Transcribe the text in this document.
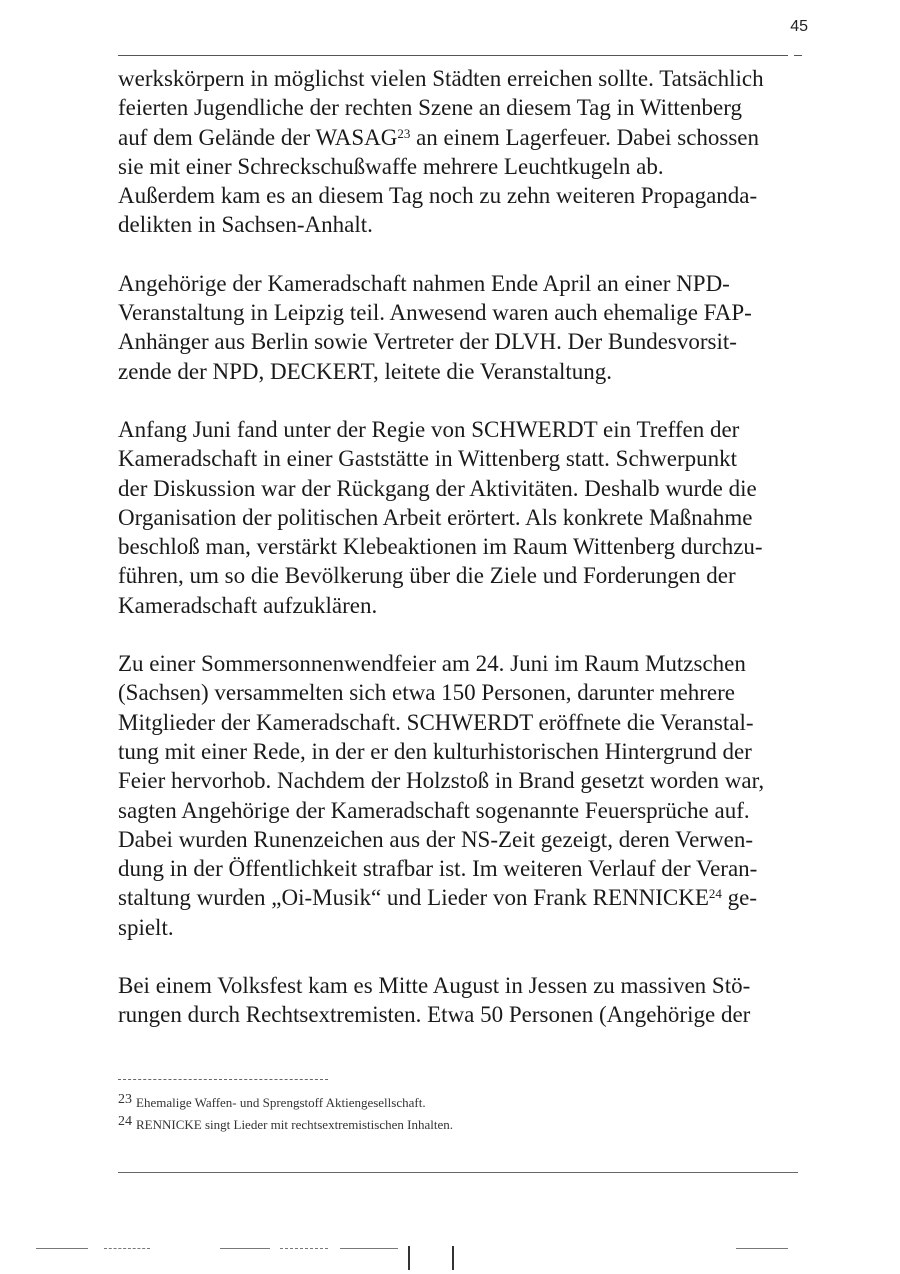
45

werkskörpern in möglichst vielen Städten erreichen sollte. Tatsächlich

feierten Jugendliche der rechten Szene an diesem Tag in Wittenberg

auf dem Gelände der WASAG$^{23}$ an einem Lagerfeuer. Dabei schossen

sie mit einer Schreckschußwaffe mehrere Leuchtkugeln ab.

Außerdem kam es an diesem Tag noch zu zehn weiteren Propaganda-

delikten in Sachsen-Anhalt.

Angehörige der Kameradschaft nahmen Ende April an einer NPD-

Veranstaltung in Leipzig teil. Anwesend waren auch ehemalige FAP-

Anhänger aus Berlin sowie Vertreter der DLVH. Der Bundesvorsit-

zende der NPD, DECKERT, leitete die Veranstaltung.

Anfang Juni fand unter der Regie von SCHWERDT ein Treffen der

Kameradschaft in einer Gaststätte in Wittenberg statt. Schwerpunkt

der Diskussion war der Rückgang der Aktivitäten. Deshalb wurde die

Organisation der politischen Arbeit erörtert. Als konkrete Maßnahme

beschloß man, verstärkt Klebeaktionen im Raum Wittenberg durchzu-

führen, um so die Bevölkerung über die Ziele und Forderungen der

Kameradschaft aufzuklären.

Zu einer Sommersonnenwendfeier am 24. Juni im Raum Mutzschen

(Sachsen) versammelten sich etwa 150 Personen, darunter mehrere

Mitglieder der Kameradschaft. SCHWERDT eröffnete die Veranstal-

tung mit einer Rede, in der er den kulturhistorischen Hintergrund der

Feier hervorhob. Nachdem der Holzstoß in Brand gesetzt worden war,

sagten Angehörige der Kameradschaft sogenannte Feuersprüche auf.

Dabei wurden Runenzeichen aus der NS-Zeit gezeigt, deren Verwen-

dung in der Öffentlichkeit strafbar ist. Im weiteren Verlauf der Veran-

staltung wurden „Oi-Musik“ und Lieder von Frank RENNICKE$^{24}$ ge-

spielt.

Bei einem Volksfest kam es Mitte August in Jessen zu massiven Stö-

rungen durch Rechtsextremisten. Etwa 50 Personen (Angehörige der

23 Ehemalige Waffen- und Sprengstoff Aktiengesellschaft.

24 RENNICKE singt Lieder mit rechtsextremistischen Inhalten.
